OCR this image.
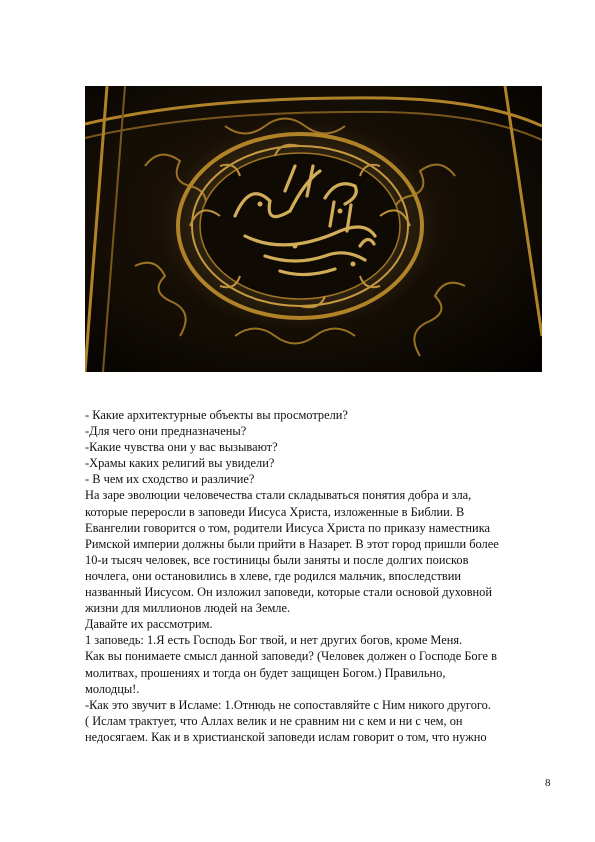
- Какие архитектурные объекты вы просмотрели?
-Для чего они предназначены?
-Какие чувства они у вас вызывают?
-Храмы каких религий вы увидели?
- В чем их сходство и различие?
На заре эволюции человечества стали складываться понятия добра и зла,
которые переросли в заповеди Иисуса Христа, изложенные в Библии. В
Евангелии говорится о том, родители Иисуса Христа по приказу наместника
Римской империи должны были прийти в Назарет. В этот город пришли более
10-и тысяч человек, все гостиницы были заняты и после долгих поисков
ночлега, они остановились в хлеве, где родился мальчик, впоследствии
названный Иисусом. Он изложил заповеди, которые стали основой духовной
жизни для миллионов людей на Земле.
Давайте их рассмотрим.
1 заповедь: 1.Я есть Господь Бог твой, и нет других богов, кроме Меня.
Как вы понимаете смысл данной заповеди? (Человек должен о Господе Боге в
молитвах, прошениях и тогда он будет защищен Богом.) Правильно,
молодцы!.
-Как это звучит в Исламе: 1.Отнюдь не сопоставляйте с Ним никого другого.
( Ислам трактует, что Аллах велик и не сравним ни с кем и ни с чем, он
недосягаем. Как и в христианской заповеди ислам говорит о том, что нужно
8
